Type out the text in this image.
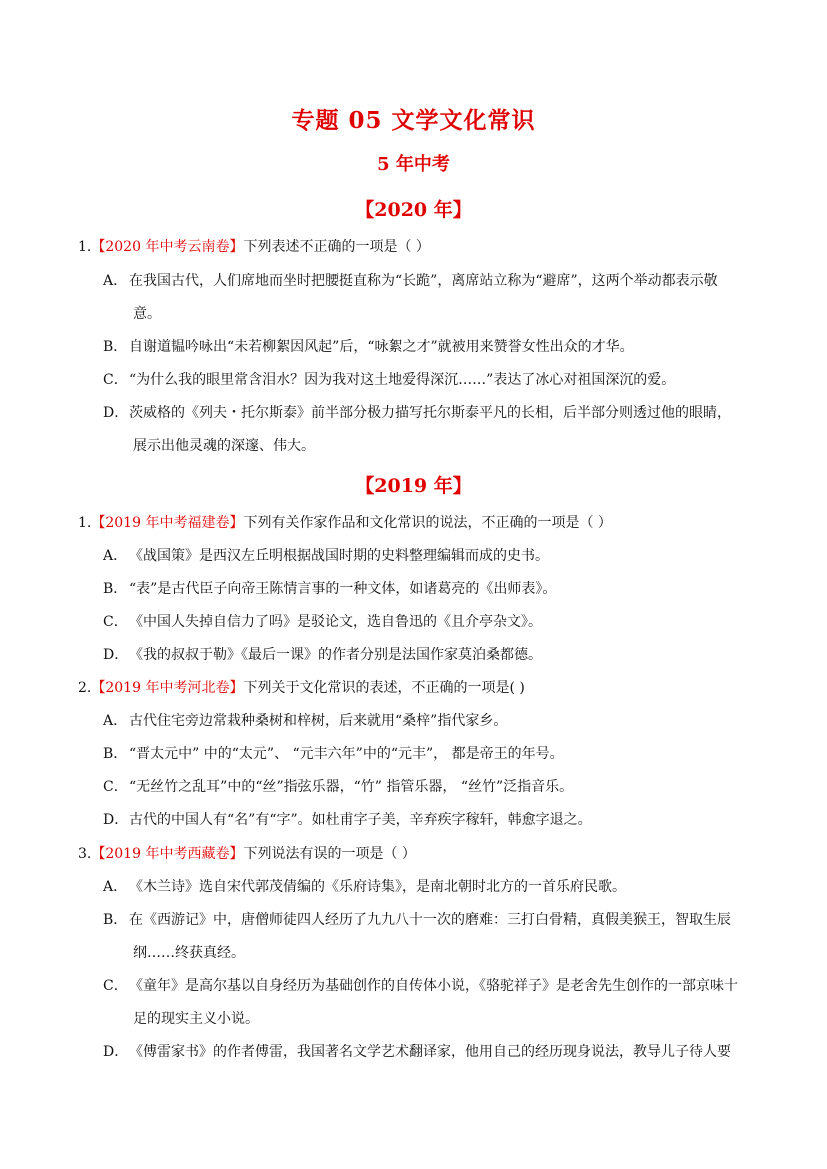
专题 05 文学文化常识
5 年中考
【2020 年】
1.【2020 年中考云南卷】下列表述不正确的一项是（ ）
A． 在我国古代，人们席地而坐时把腰挺直称为“长跪”，离席站立称为“避席”，这两个举动都表示敬
意。
B． 自谢道韫吟咏出“未若柳絮因风起”后，“咏絮之才”就被用来赞誉女性出众的才华。
C．“为什么我的眼里常含泪水？因为我对这土地爱得深沉……”表达了冰心对祖国深沉的爱。
D．茨威格的《列夫・托尔斯泰》前半部分极力描写托尔斯泰平凡的长相，后半部分则透过他的眼睛，
展示出他灵魂的深邃、伟大。
【2019 年】
1.【2019 年中考福建卷】下列有关作家作品和文化常识的说法，不正确的一项是（ ）
A． 《战国策》是西汉左丘明根据战国时期的史料整理编辑而成的史书。
B． “表”是古代臣子向帝王陈情言事的一种文体，如诸葛亮的《出师表》。
C．《中国人失掉自信力了吗》是驳论文，选自鲁迅的《且介亭杂文》。
D．《我的叔叔于勒》《最后一课》的作者分别是法国作家莫泊桑都德。
2.【2019 年中考河北卷】下列关于文化常识的表述，不正确的一项是( )
A． 古代住宅旁边常栽种桑树和梓树，后来就用“桑梓”指代家乡。
B． “晋太元中” 中的“太元”、 “元丰六年”中的“元丰”， 都是帝王的年号。
C．“无丝竹之乱耳”中的“丝”指弦乐器，“竹” 指管乐器， “丝竹”泛指音乐。
D．古代的中国人有“名”有“字”。如杜甫字子美，辛弃疾字稼轩，韩愈字退之。
3.【2019 年中考西藏卷】下列说法有误的一项是（ ）
A． 《木兰诗》选自宋代郭茂倩编的《乐府诗集》，是南北朝时北方的一首乐府民歌。
B． 在《西游记》中，唐僧师徒四人经历了九九八十一次的磨难：三打白骨精，真假美猴王，智取生辰
纲……终获真经。
C．《童年》是高尔基以自身经历为基础创作的自传体小说，《骆驼祥子》是老舍先生创作的一部京味十
足的现实主义小说。
D．《傅雷家书》的作者傅雷，我国著名文学艺术翻译家，他用自己的经历现身说法，教导儿子待人要
